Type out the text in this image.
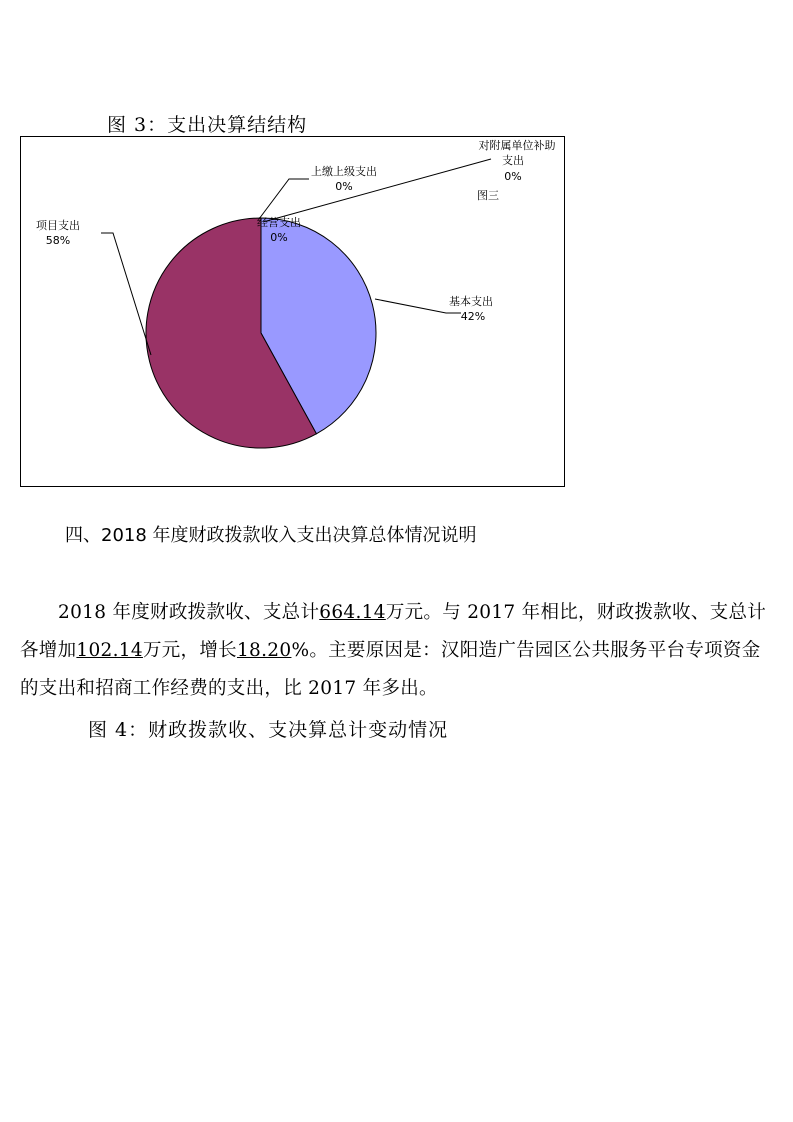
图 3：支出决算结结构
基本支出
42%
项目支出
58%
上缴上级支出
0%
经营支出
0%
对附属单位补助
支出
0%
图三
四、2018 年度财政拨款收入支出决算总体情况说明

2018 年度财政拨款收、支总计664.14万元。与 2017 年相比，财政拨款收、支总计各增加102.14万元，增长18.20%。主要原因是：汉阳造广告园区公共服务平台专项资金的支出和招商工作经费的支出，比 2017 年多出。

图 4：财政拨款收、支决算总计变动情况
